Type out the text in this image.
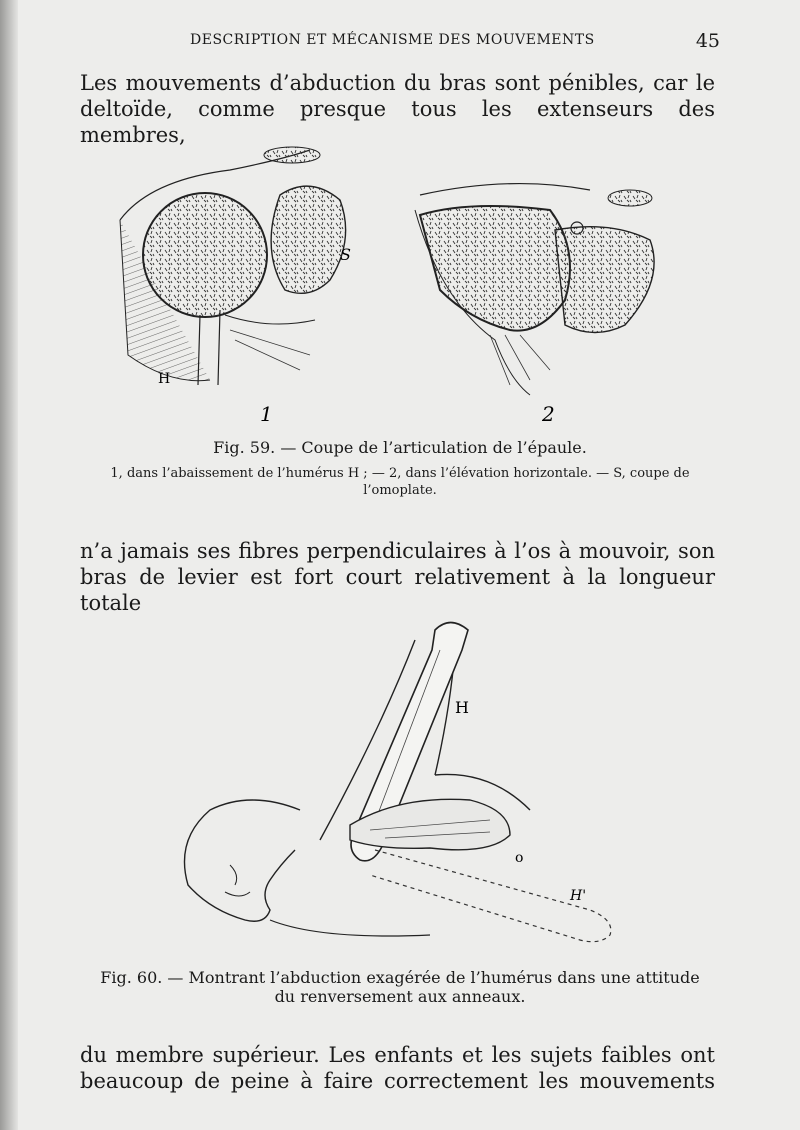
DESCRIPTION ET MÉCANISME DES MOUVEMENTS	45
Les mouvements d’abduction du bras sont pénibles, car le
deltoïde, comme presque tous les extenseurs des membres,
H
S
1	2
Fig. 59. — Coupe de l’articulation de l’épaule.
1, dans l’abaissement de l’humérus H ; — 2, dans l’élévation horizontale. — S, coupe de
l’omoplate.
n’a jamais ses fibres perpendiculaires à l’os à mouvoir, son
bras de levier est fort court relativement à la longueur totale
H
o
H'
Fig. 60. — Montrant l’abduction exagérée de l’humérus dans une attitude
du renversement aux anneaux.
du membre supérieur. Les enfants et les sujets faibles ont
beaucoup de peine à faire correctement les mouvements
